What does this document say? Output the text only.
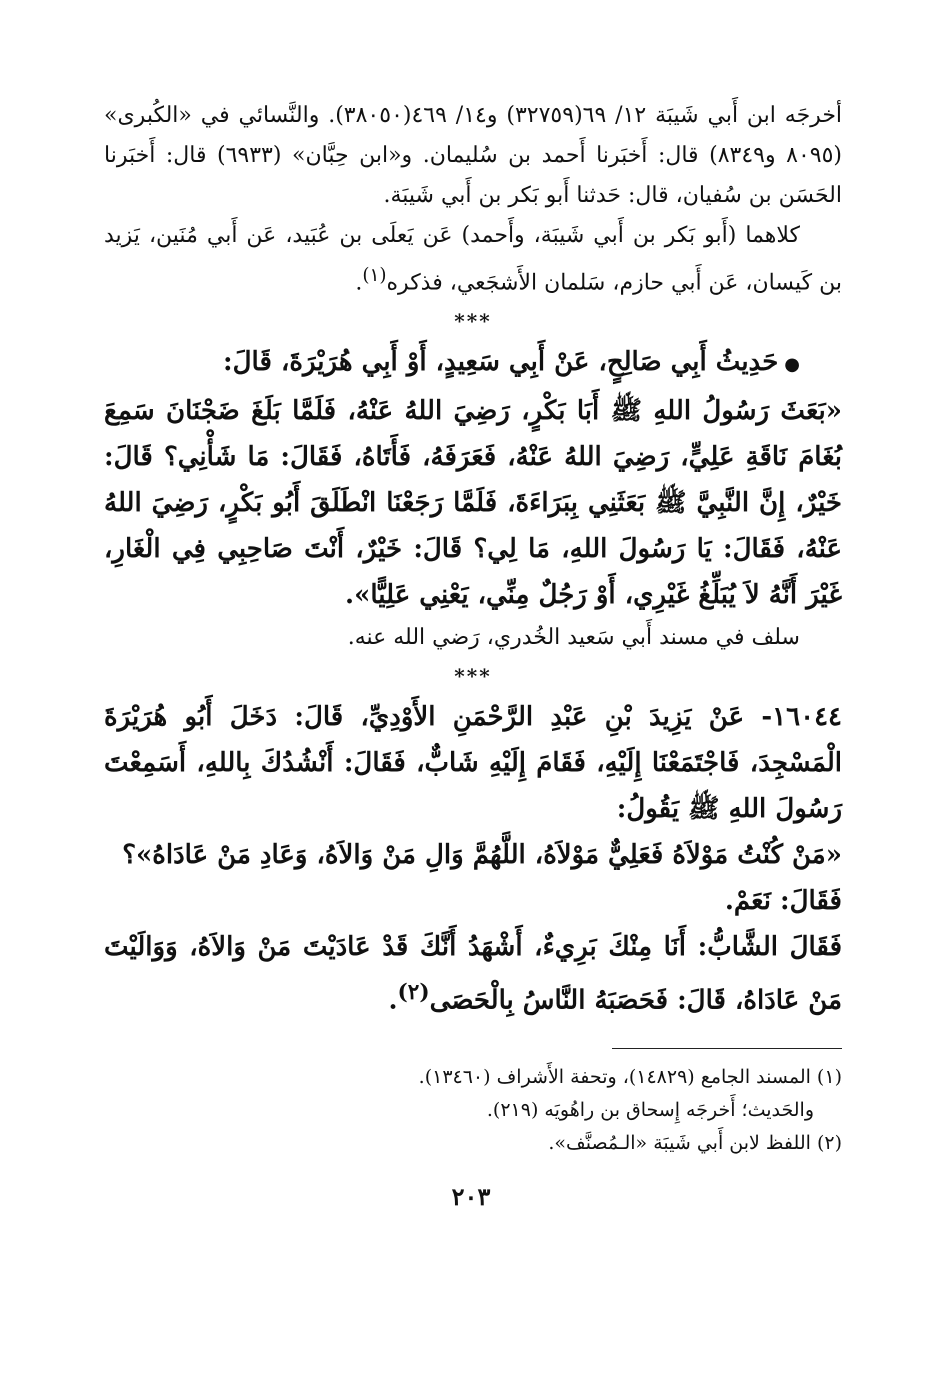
أخرجَه ابن أَبي شَيبَة ١٢/ ٦٩(٣٢٧٥٩) و١٤/ ٤٦٩(٣٨٠٥٠). والنَّسائي في «الكُبرى» (٨٠٩٥ و٨٣٤٩) قال: أَخبَرنا أَحمد بن سُليمان. و«ابن حِبَّان» (٦٩٣٣) قال: أَخبَرنا الحَسَن بن سُفيان، قال: حَدثنا أَبو بَكر بن أَبي شَيبَة.

كلاهما (أَبو بَكر بن أَبي شَيبَة، وأَحمد) عَن يَعلَى بن عُبَيد، عَن أَبي مُنَين، يَزيد بن كَيسان، عَن أَبي حازم، سَلمان الأَشجَعي، فذكره$^{(١)}$.

***

●حَدِيثُ أَبِي صَالِحٍ، عَنْ أَبِي سَعِيدٍ، أَوْ أَبِي هُرَيْرَةَ، قَالَ:

«بَعَثَ رَسُولُ اللهِ ﷺ أَبَا بَكْرٍ، رَضِيَ اللهُ عَنْهُ، فَلَمَّا بَلَغَ ضَجْنَانَ سَمِعَ بُغَامَ نَاقَةِ عَلِيٍّ، رَضِيَ اللهُ عَنْهُ، فَعَرَفَهُ، فَأَتَاهُ، فَقَالَ: مَا شَأْنِي؟ قَالَ: خَيْرٌ، إِنَّ النَّبِيَّ ﷺ بَعَثَنِي بِبَرَاءَةَ، فَلَمَّا رَجَعْنَا انْطَلَقَ أَبُو بَكْرٍ، رَضِيَ اللهُ عَنْهُ، فَقَالَ: يَا رَسُولَ اللهِ، مَا لِي؟ قَالَ: خَيْرٌ، أَنْتَ صَاحِبِي فِي الْغَارِ، غَيْرَ أَنَّهُ لاَ يُبَلِّغُ غَيْرِي، أَوْ رَجُلٌ مِنِّي، يَعْنِي عَلِيًّا».

سلف في مسند أَبي سَعيد الخُدري، رَضي الله عنه.

***

١٦٠٤٤- عَنْ يَزِيدَ بْنِ عَبْدِ الرَّحْمَنِ الأَوْدِيِّ، قَالَ: دَخَلَ أَبُو هُرَيْرَةَ الْمَسْجِدَ، فَاجْتَمَعْنَا إِلَيْهِ، فَقَامَ إِلَيْهِ شَابٌّ، فَقَالَ: أَنْشُدُكَ بِاللهِ، أَسَمِعْتَ رَسُولَ اللهِ ﷺ يَقُولُ:

«مَنْ كُنْتُ مَوْلاَهُ فَعَلِيٌّ مَوْلاَهُ، اللَّهُمَّ وَالِ مَنْ وَالاَهُ، وَعَادِ مَنْ عَادَاهُ»؟

فَقَالَ: نَعَمْ.

فَقَالَ الشَّابُّ: أَنَا مِنْكَ بَرِيءٌ، أَشْهَدُ أَنَّكَ قَدْ عَادَيْتَ مَنْ وَالاَهُ، وَوَالَيْتَ مَنْ عَادَاهُ، قَالَ: فَحَصَبَهُ النَّاسُ بِالْحَصَى$^{(٢)}$.

(١) المسند الجامع (١٤٨٢٩)، وتحفة الأَشراف (١٣٤٦٠).

والحَديث؛ أَخرجَه إِسحاق بن راهُويَه (٢١٩).

(٢) اللفظ لابن أَبي شَيبَة «الـمُصنَّف».

٢٠٣
